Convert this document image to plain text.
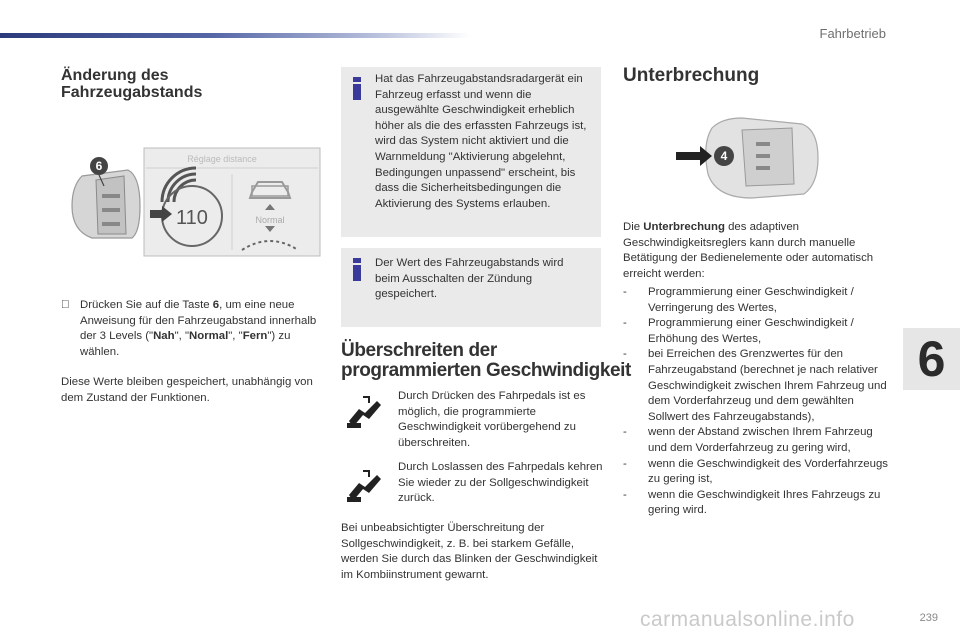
Fahrbetrieb
6
Änderung des
Fahrzeugabstands
6	Réglage distance
110	Normal
Drücken Sie auf die Taste 6, um eine neue Anweisung für den Fahrzeugabstand innerhalb der 3 Levels ("Nah", "Normal", "Fern") zu wählen.
Diese Werte bleiben gespeichert, unabhängig von dem Zustand der Funktionen.
Hat das Fahrzeugabstandsradargerät ein Fahrzeug erfasst und wenn die ausgewählte Geschwindigkeit erheblich höher als die des erfassten Fahrzeugs ist, wird das System nicht aktiviert und die Warnmeldung "Aktivierung abgelehnt, Bedingungen unpassend" erscheint, bis dass die Sicherheitsbedingungen die Aktivierung des Systems erlauben.
Der Wert des Fahrzeugabstands wird beim Ausschalten der Zündung gespeichert.
Überschreiten der
programmierten Geschwindigkeit
Durch Drücken des Fahrpedals ist es möglich, die programmierte Geschwindigkeit vorübergehend zu überschreiten.
Durch Loslassen des Fahrpedals kehren Sie wieder zu der Sollgeschwindigkeit zurück.
Bei unbeabsichtigter Überschreitung der Sollgeschwindigkeit, z. B. bei starkem Gefälle, werden Sie durch das Blinken der Geschwindigkeit im Kombiinstrument gewarnt.
Unterbrechung
4
Die Unterbrechung des adaptiven Geschwindigkeitsreglers kann durch manuelle Betätigung der Bedienelemente oder automatisch erreicht werden:
- Programmierung einer Geschwindigkeit / Verringerung des Wertes,
- Programmierung einer Geschwindigkeit / Erhöhung des Wertes,
- bei Erreichen des Grenzwertes für den Fahrzeugabstand (berechnet je nach relativer Geschwindigkeit zwischen Ihrem Fahrzeug und dem Vorderfahrzeug und dem gewählten Sollwert des Fahrzeugabstands),
- wenn der Abstand zwischen Ihrem Fahrzeug und dem Vorderfahrzeug zu gering wird,
- wenn die Geschwindigkeit des Vorderfahrzeugs zu gering ist,
- wenn die Geschwindigkeit Ihres Fahrzeugs zu gering wird.
239
carmanualsonline.info
